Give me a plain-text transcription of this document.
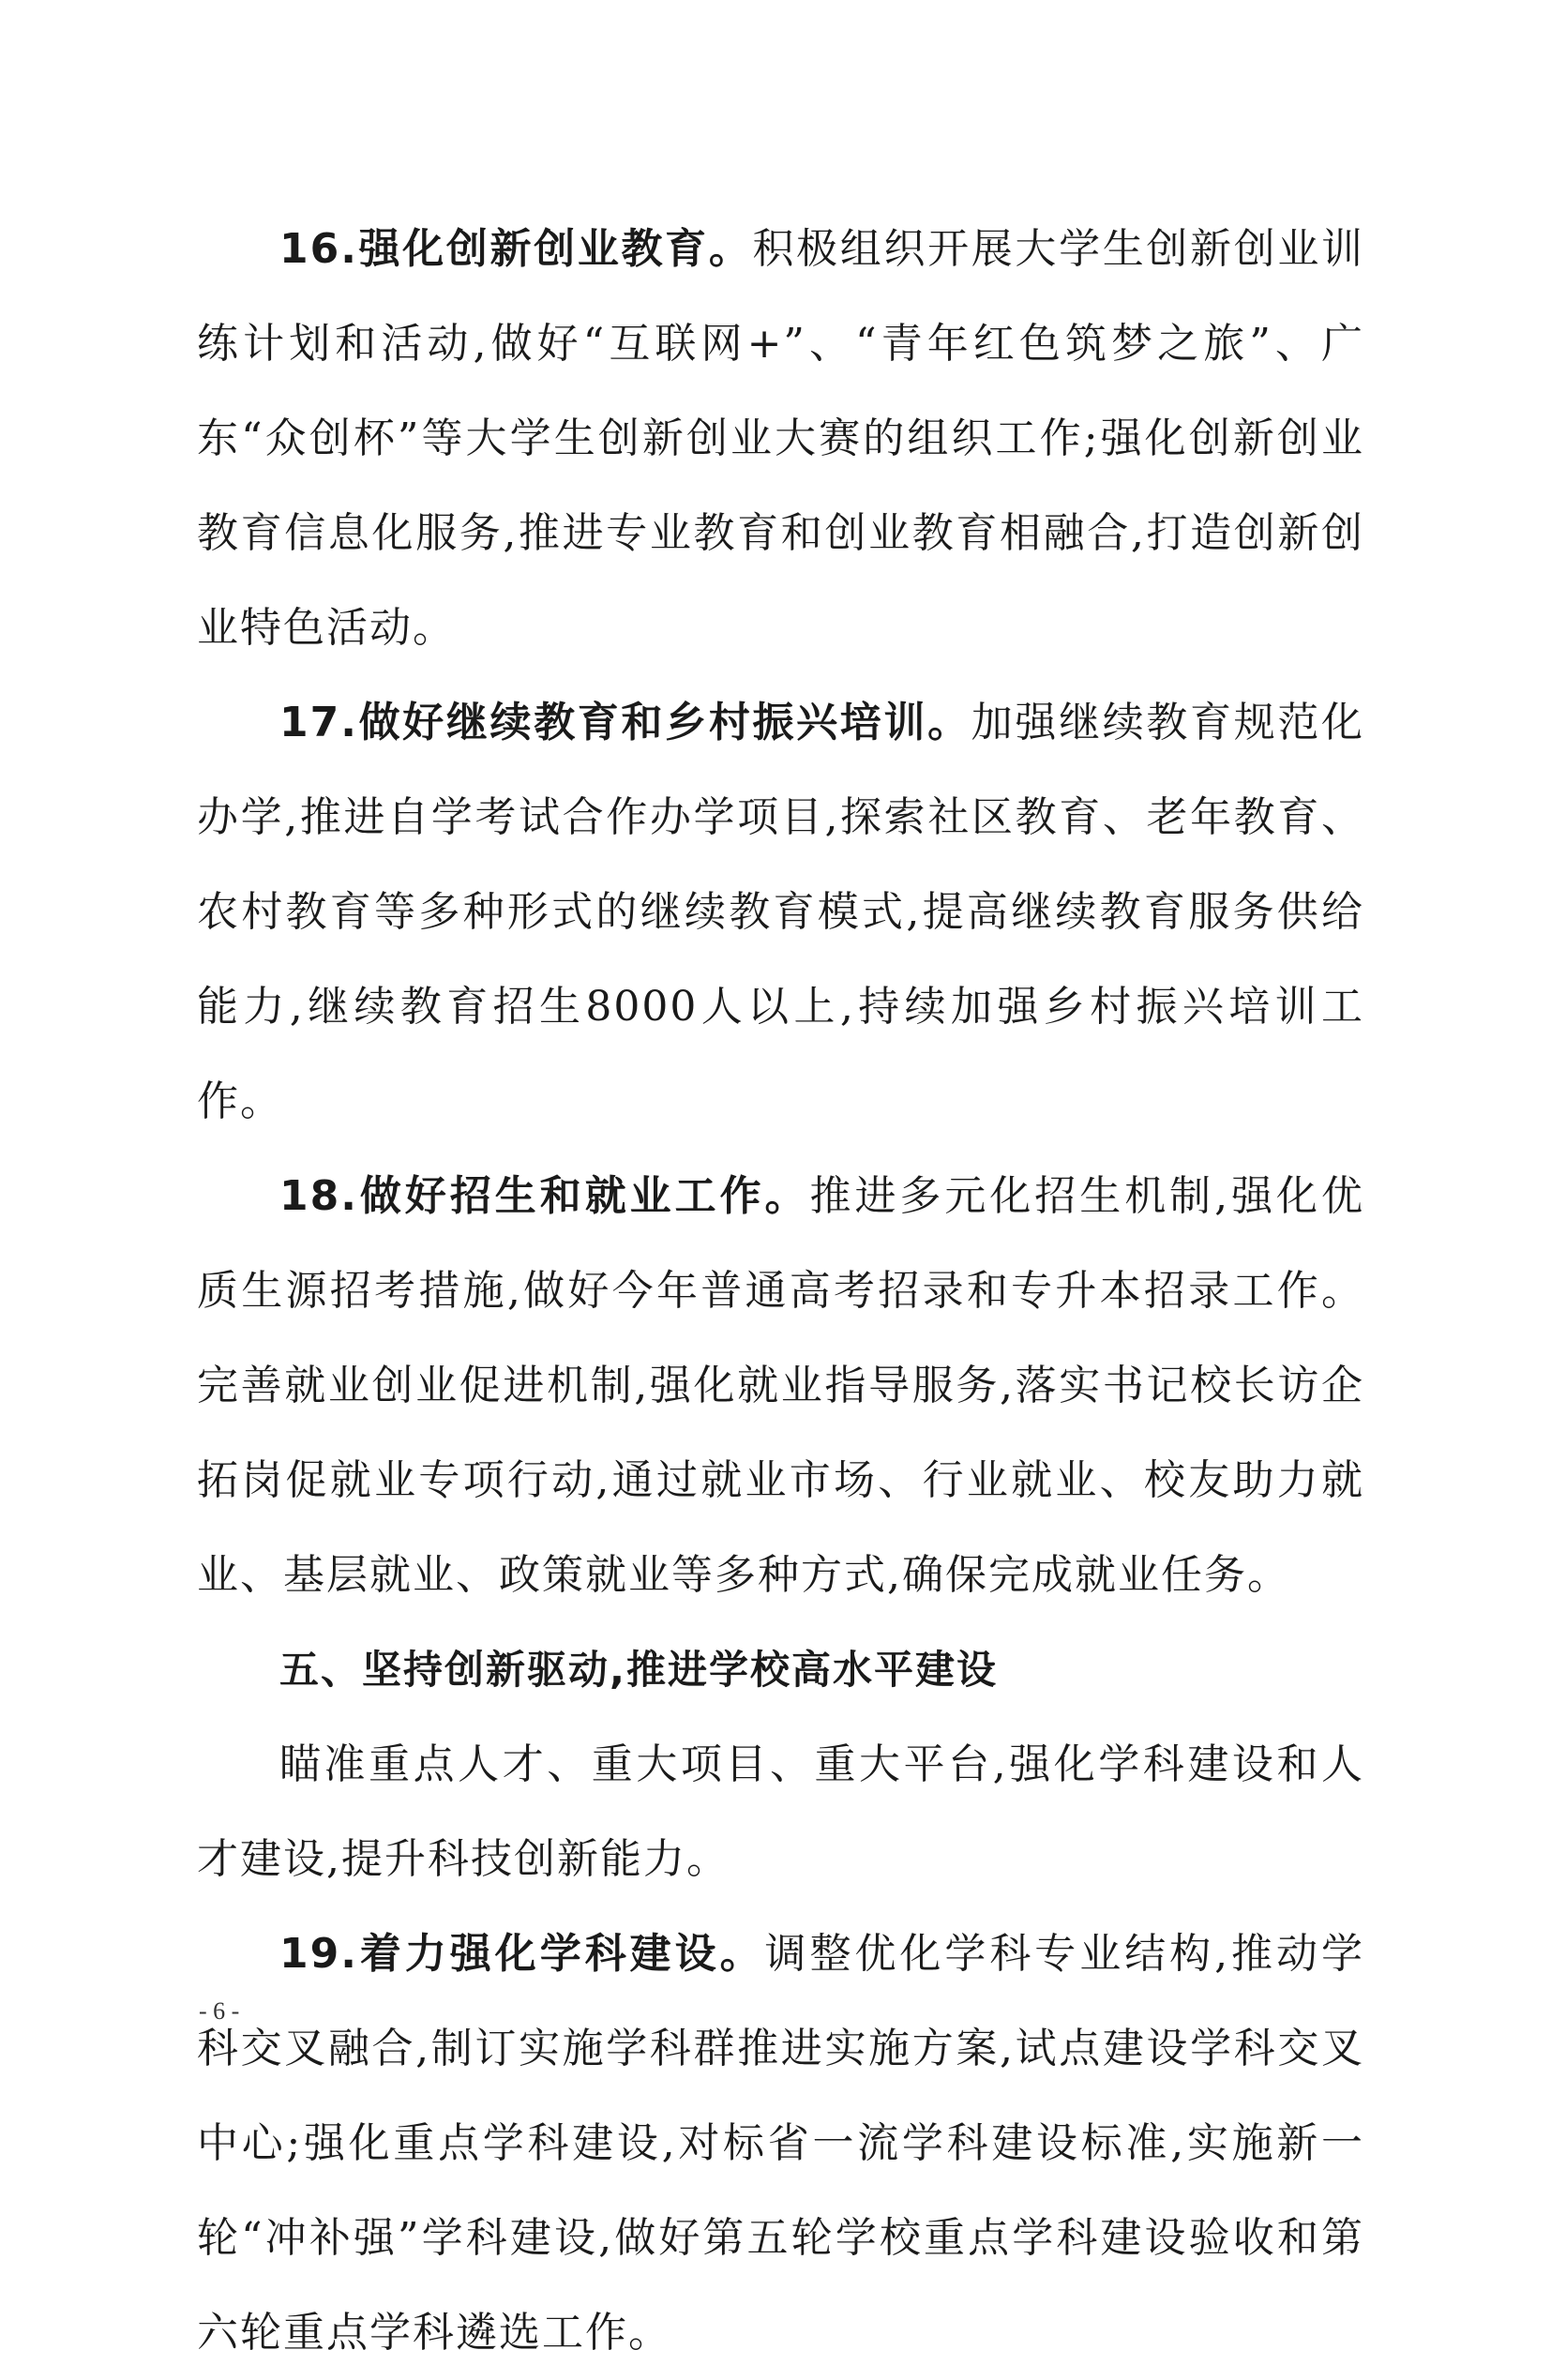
16.强化创新创业教育。积极组织开展大学生创新创业训练计划和活动,做好“互联网+”、“青年红色筑梦之旅”、广东“众创杯”等大学生创新创业大赛的组织工作;强化创新创业教育信息化服务,推进专业教育和创业教育相融合,打造创新创业特色活动。

17.做好继续教育和乡村振兴培训。加强继续教育规范化办学,推进自学考试合作办学项目,探索社区教育、老年教育、农村教育等多种形式的继续教育模式,提高继续教育服务供给能力,继续教育招生8000人以上,持续加强乡村振兴培训工作。

18.做好招生和就业工作。推进多元化招生机制,强化优质生源招考措施,做好今年普通高考招录和专升本招录工作。完善就业创业促进机制,强化就业指导服务,落实书记校长访企拓岗促就业专项行动,通过就业市场、行业就业、校友助力就业、基层就业、政策就业等多种方式,确保完成就业任务。

五、坚持创新驱动,推进学校高水平建设

瞄准重点人才、重大项目、重大平台,强化学科建设和人才建设,提升科技创新能力。

19.着力强化学科建设。调整优化学科专业结构,推动学科交叉融合,制订实施学科群推进实施方案,试点建设学科交叉中心;强化重点学科建设,对标省一流学科建设标准,实施新一轮“冲补强”学科建设,做好第五轮学校重点学科建设验收和第六轮重点学科遴选工作。

- 6 -
